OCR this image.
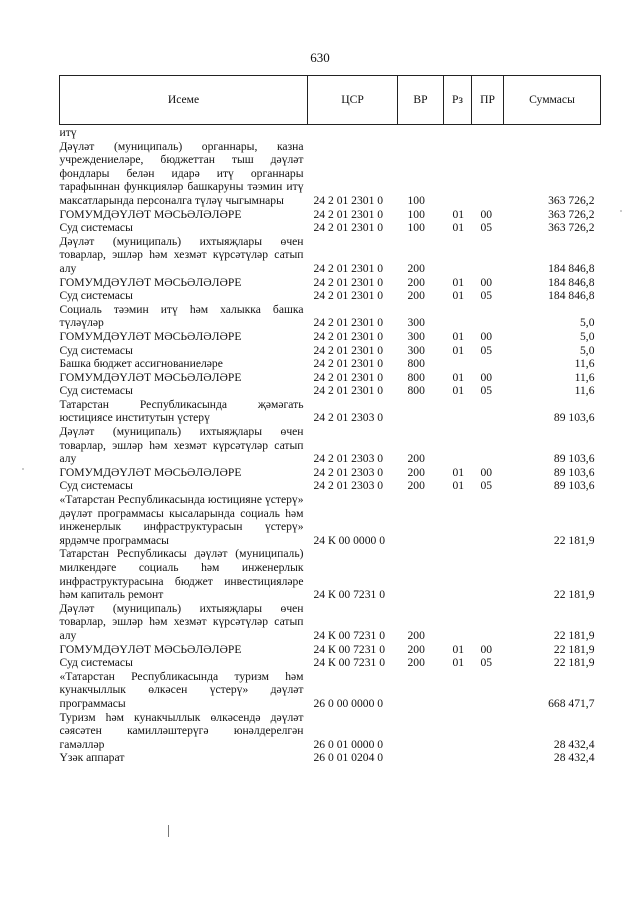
630
Исеме	ЦСР	ВР	Рз	ПР	Суммасы
итү					
Дәүләт (муниципаль) органнары, казна учреждениеләре, бюджеттан тыш дәүләт фондлары белән идарә итү органнары тарафыннан функцияләр башкаруны тәэмин итү максатларында персоналга түләү чыгымнары	24 2 01 2301 0	100			363 726,2
ГОМУМДӘҮЛӘТ МӘСЬӘЛӘЛӘРЕ	24 2 01 2301 0	100	01	00	363 726,2
Суд системасы	24 2 01 2301 0	100	01	05	363 726,2
Дәүләт (муниципаль) ихтыяҗлары өчен товарлар, эшләр һәм хезмәт күрсәтүләр сатып алу	24 2 01 2301 0	200			184 846,8
ГОМУМДӘҮЛӘТ МӘСЬӘЛӘЛӘРЕ	24 2 01 2301 0	200	01	00	184 846,8
Суд системасы	24 2 01 2301 0	200	01	05	184 846,8
Социаль тәэмин итү һәм халыкка башка түләүләр	24 2 01 2301 0	300			5,0
ГОМУМДӘҮЛӘТ МӘСЬӘЛӘЛӘРЕ	24 2 01 2301 0	300	01	00	5,0
Суд системасы	24 2 01 2301 0	300	01	05	5,0
Башка бюджет ассигнованиеләре	24 2 01 2301 0	800			11,6
ГОМУМДӘҮЛӘТ МӘСЬӘЛӘЛӘРЕ	24 2 01 2301 0	800	01	00	11,6
Суд системасы	24 2 01 2301 0	800	01	05	11,6
Татарстан Республикасында җәмәгать юстициясе институтын үстерү	24 2 01 2303 0				89 103,6
Дәүләт (муниципаль) ихтыяҗлары өчен товарлар, эшләр һәм хезмәт күрсәтүләр сатып алу	24 2 01 2303 0	200			89 103,6
ГОМУМДӘҮЛӘТ МӘСЬӘЛӘЛӘРЕ	24 2 01 2303 0	200	01	00	89 103,6
Суд системасы	24 2 01 2303 0	200	01	05	89 103,6
«Татарстан Республикасында юстицияне үстерү» дәүләт программасы кысаларында социаль һәм инженерлык инфраструктурасын үстерү» ярдәмче программасы	24 К 00 0000 0				22 181,9
Татарстан Республикасы дәүләт (муниципаль) милкендәге социаль һәм инженерлык инфраструктурасына бюджет инвестицияләре һәм капиталь ремонт	24 К 00 7231 0				22 181,9
Дәүләт (муниципаль) ихтыяҗлары өчен товарлар, эшләр һәм хезмәт күрсәтүләр сатып алу	24 К 00 7231 0	200			22 181,9
ГОМУМДӘҮЛӘТ МӘСЬӘЛӘЛӘРЕ	24 К 00 7231 0	200	01	00	22 181,9
Суд системасы	24 К 00 7231 0	200	01	05	22 181,9
«Татарстан Республикасында туризм һәм кунакчыллык өлкәсен үстерү» дәүләт программасы	26 0 00 0000 0				668 471,7
Туризм һәм кунакчыллык өлкәсендә дәүләт сәясәтен камилләштерүгә юнәлдерелгән гамәлләр	26 0 01 0000 0				28 432,4
Үзәк аппарат	26 0 01 0204 0				28 432,4
